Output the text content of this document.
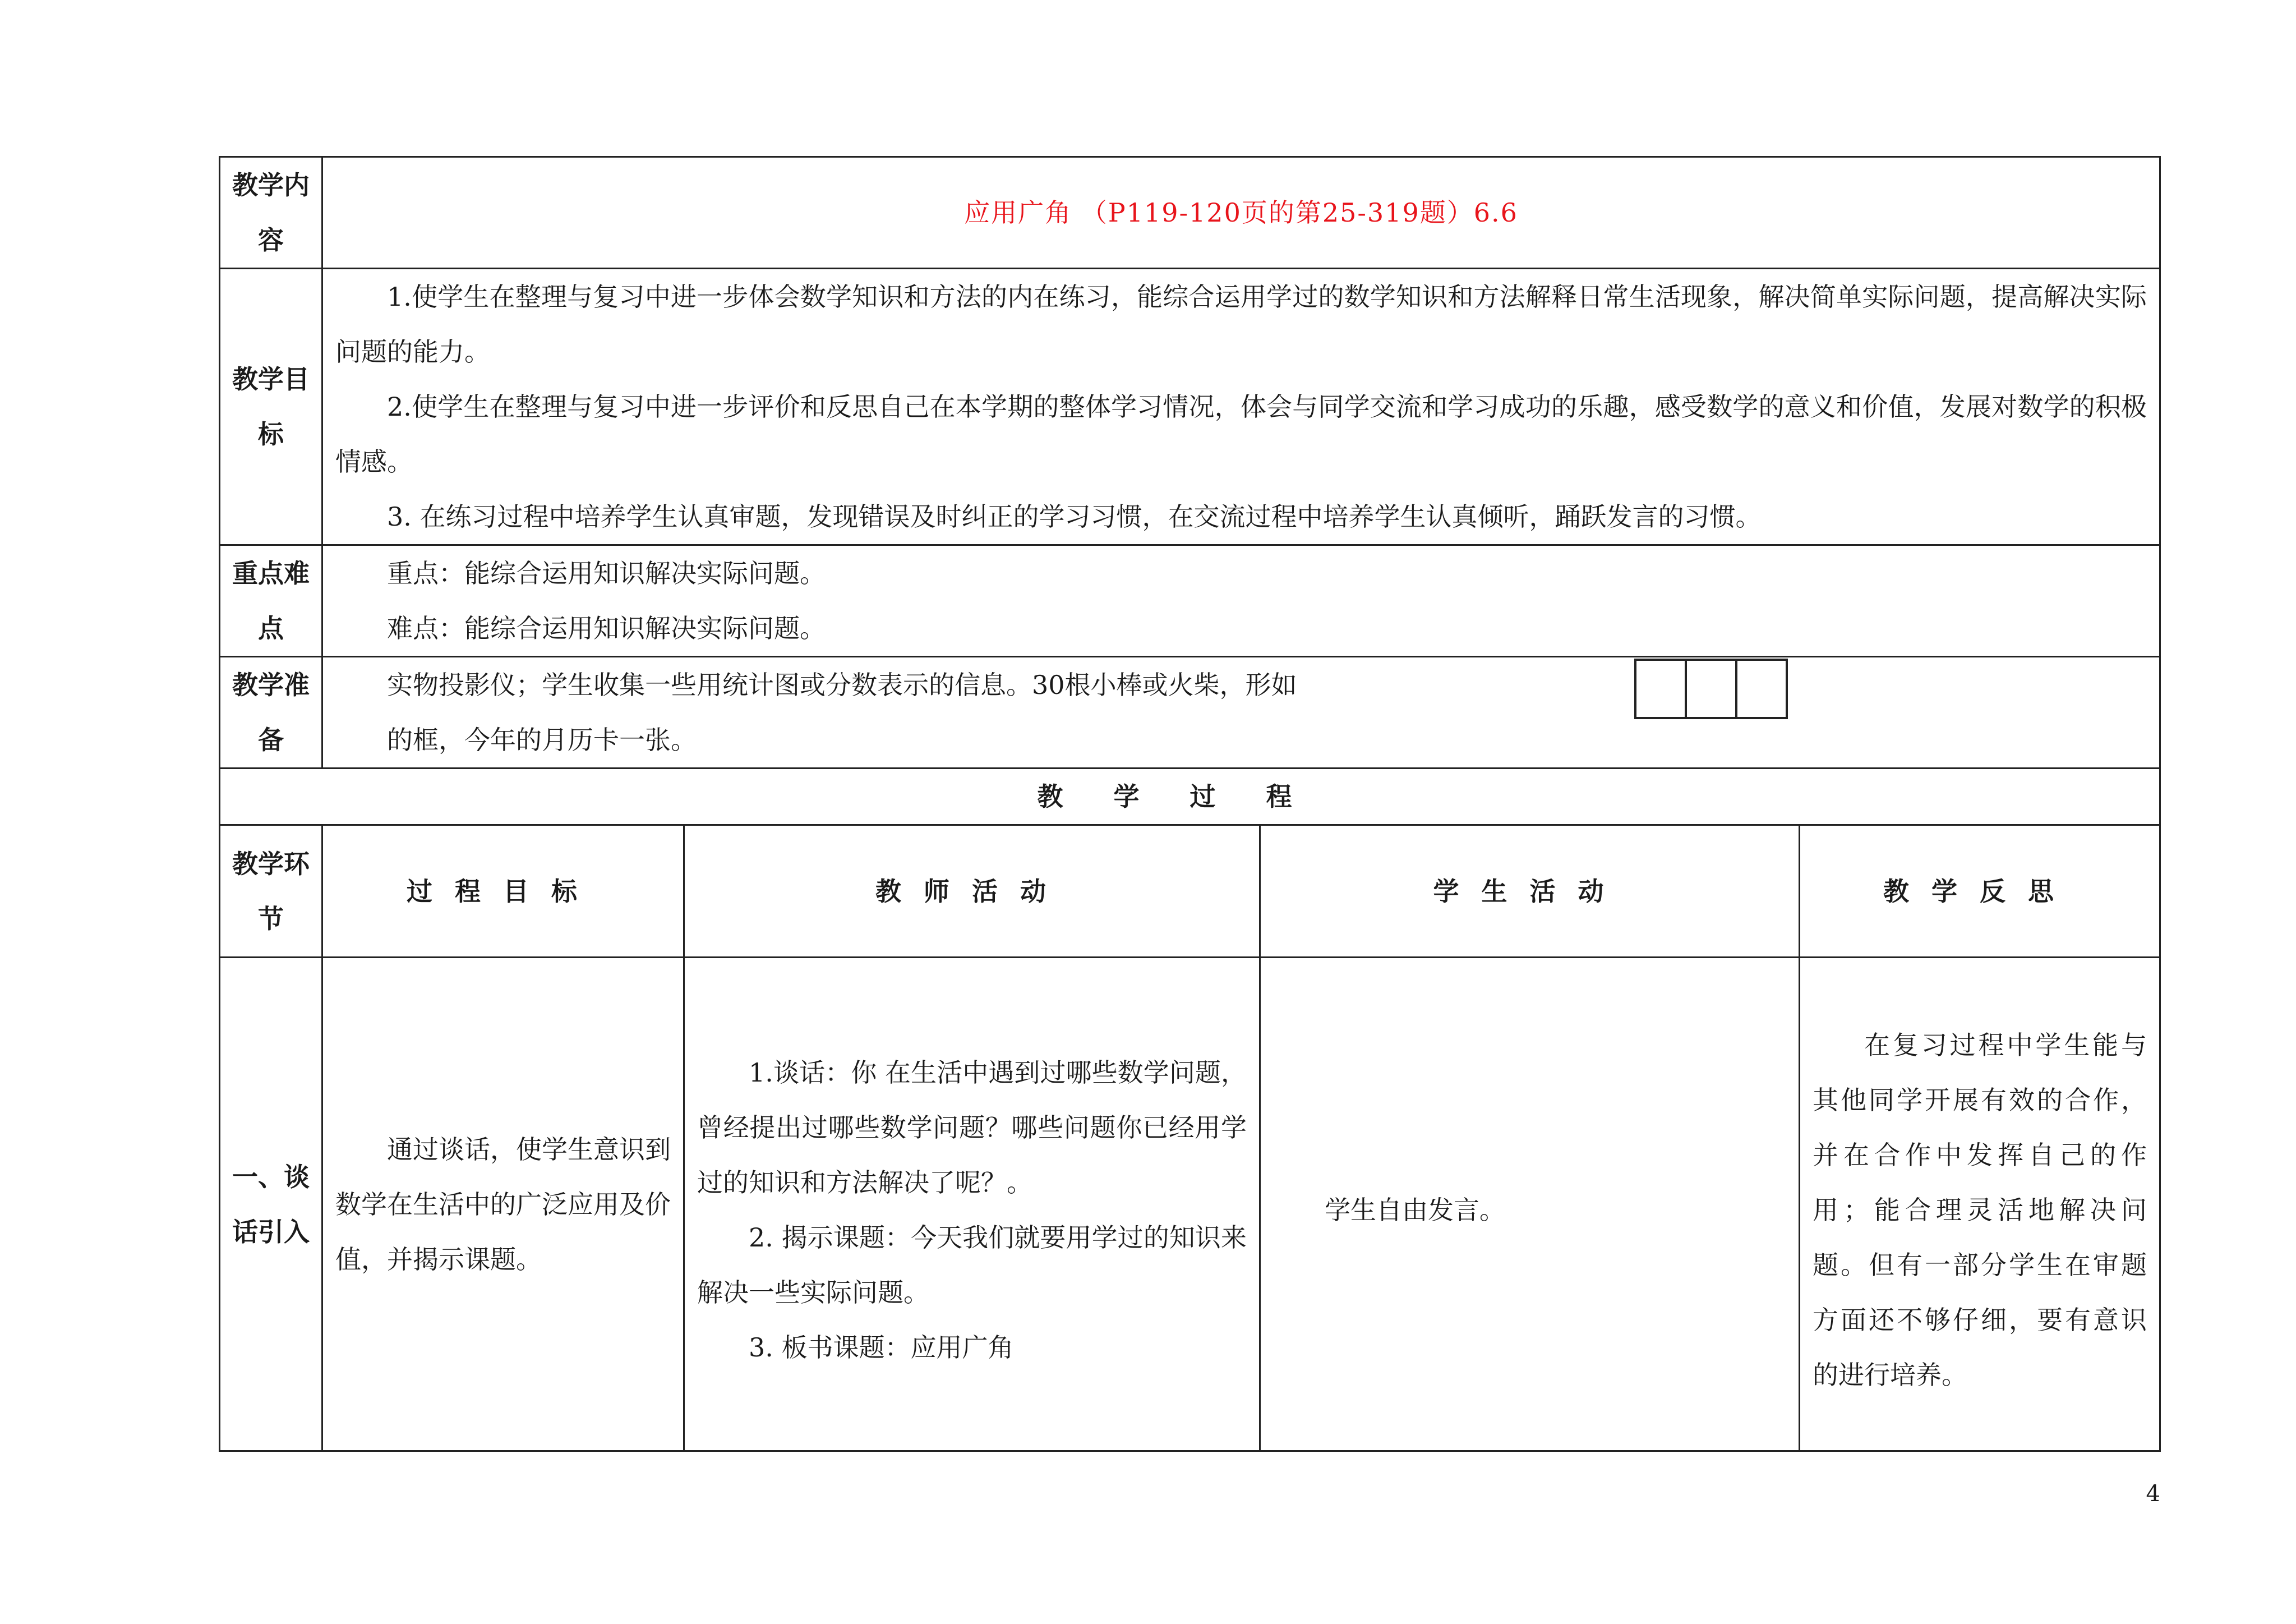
教学内容	应用广角 （P119-120页的第25-319题）6.6			
教学目标	1.使学生在整理与复习中进一步体会数学知识和方法的内在练习，能综合运用学过的数学知识和方法解释日常生活现象，解决简单实际问题，提高解决实际问题的能力。

2.使学生在整理与复习中进一步评价和反思自己在本学期的整体学习情况，体会与同学交流和学习成功的乐趣，感受数学的意义和价值，发展对数学的积极情感。

3. 在练习过程中培养学生认真审题，发现错误及时纠正的学习习惯，在交流过程中培养学生认真倾听，踊跃发言的习惯。			

重点难点	重点：能综合运用知识解决实际问题。

难点：能综合运用知识解决实际问题。			

教学准备	实物投影仪；学生收集一些用统计图或分数表示的信息。30根小棒或火柴，形如

的框，今年的月历卡一张。			

教学过程				
教学环节	过程目标	教师活动	学生活动	教学反思
一、谈话引入	通过谈话，使学生意识到数学在生活中的广泛应用及价值，并揭示课题。	1.谈话：你 在生活中遇到过哪些数学问题，曾经提出过哪些数学问题？哪些问题你已经用学过的知识和方法解决了呢？。

2. 揭示课题：今天我们就要用学过的知识来解决一些实际问题。

3. 板书课题：应用广角	学生自由发言。	在复习过程中学生能与其他同学开展有效的合作，并在合作中发挥自己的作用；能合理灵活地解决问题。但有一部分学生在审题方面还不够仔细，要有意识的进行培养。

4
